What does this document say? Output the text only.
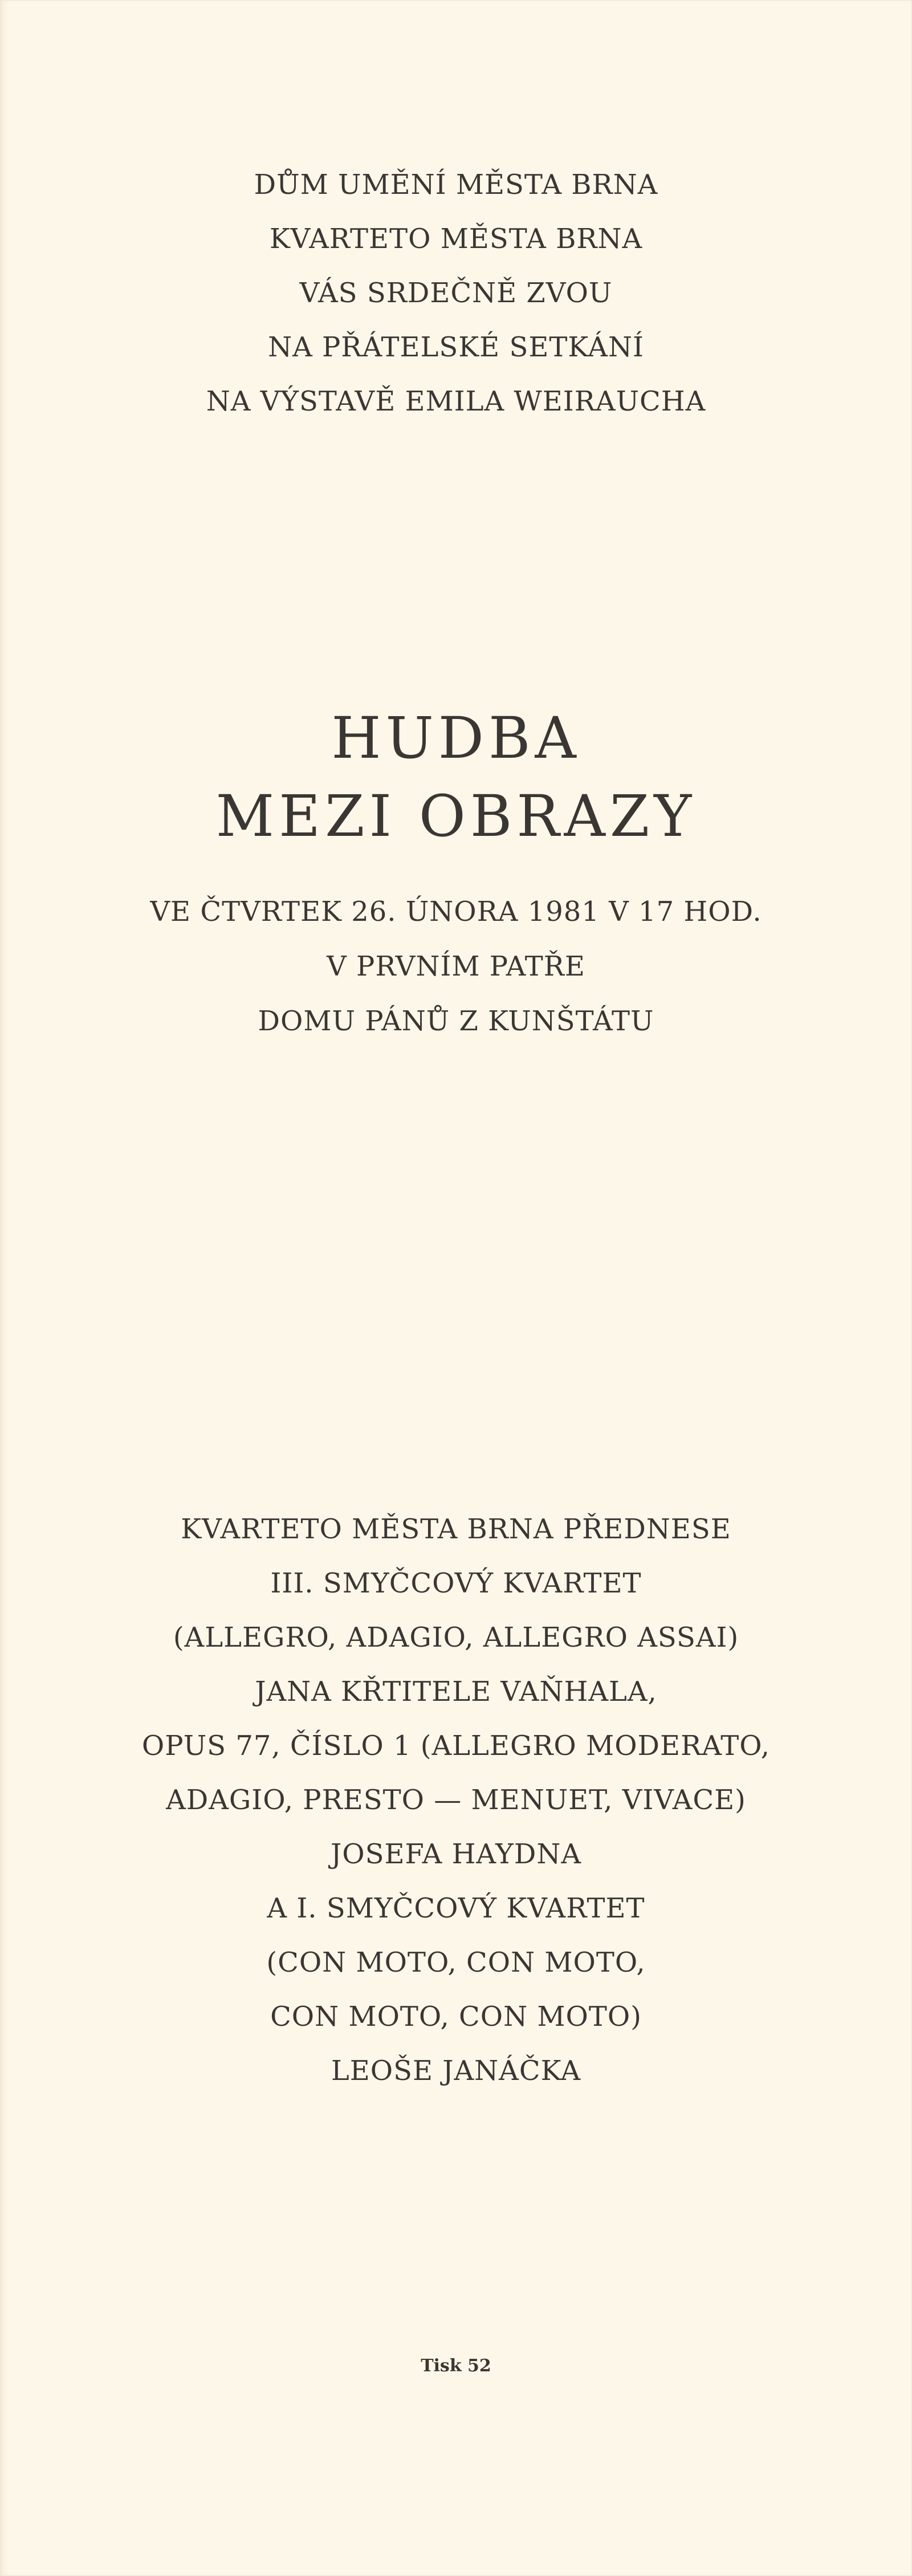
DŮM UMĚNÍ MĚSTA BRNA
KVARTETO MĚSTA BRNA
VÁS SRDEČNĚ ZVOU
NA PŘÁTELSKÉ SETKÁNÍ
NA VÝSTAVĚ EMILA WEIRAUCHA
HUDBA
MEZI OBRAZY
VE ČTVRTEK 26. ÚNORA 1981 V 17 HOD.
V PRVNÍM PATŘE
DOMU PÁNŮ Z KUNŠTÁTU
KVARTETO MĚSTA BRNA PŘEDNESE
III. SMYČCOVÝ KVARTET
(ALLEGRO, ADAGIO, ALLEGRO ASSAI)
JANA KŘTITELE VAŇHALA,
OPUS 77, ČÍSLO 1 (ALLEGRO MODERATO,
ADAGIO, PRESTO — MENUET, VIVACE)
JOSEFA HAYDNA
A I. SMYČCOVÝ KVARTET
(CON MOTO, CON MOTO,
CON MOTO, CON MOTO)
LEOŠE JANÁČKA
Tisk 52
